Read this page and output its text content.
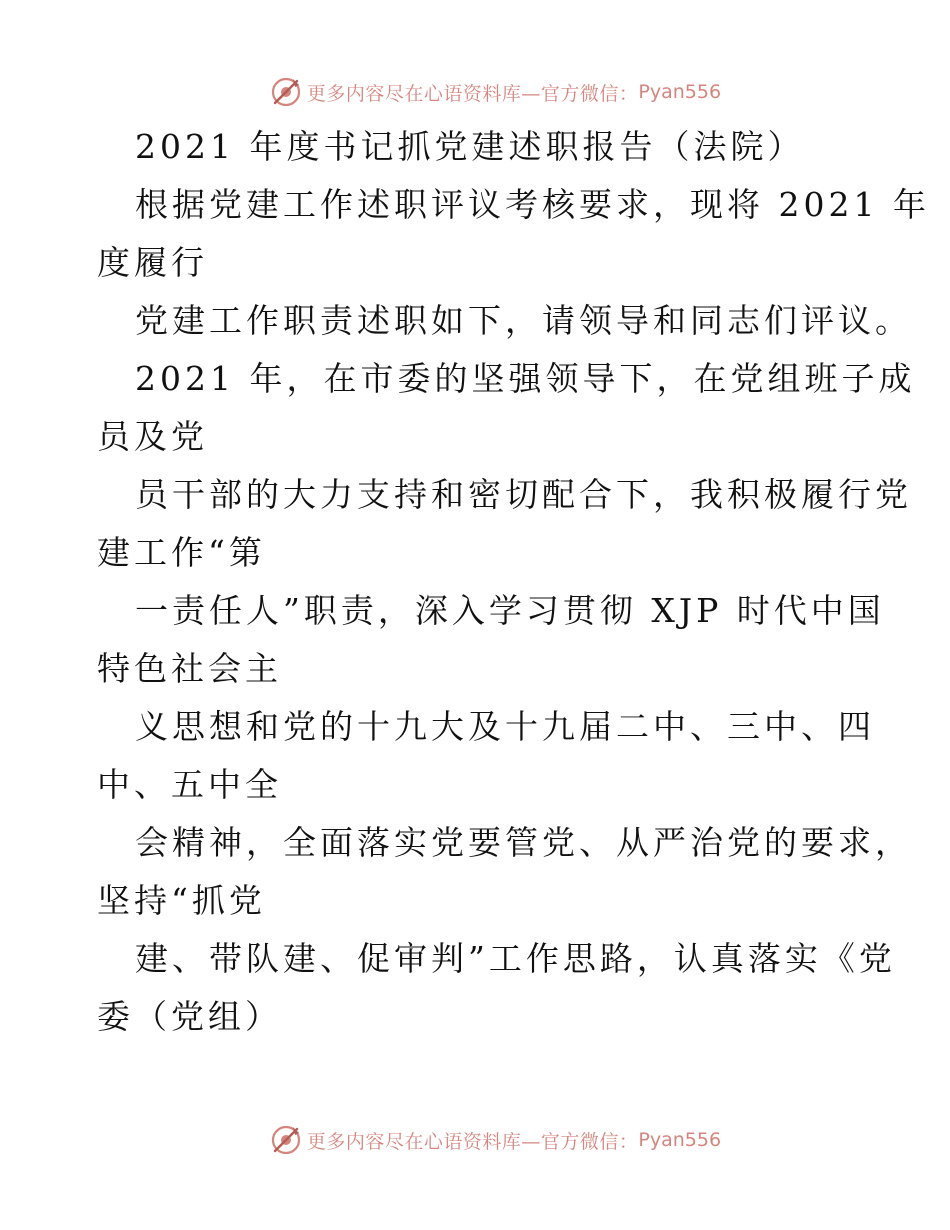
更多内容尽在心语资料库—官方微信： Pyan556
2021 年度书记抓党建述职报告（法院）
根据党建工作述职评议考核要求，现将 2021 年
度履行
党建工作职责述职如下，请领导和同志们评议。
2021 年，在市委的坚强领导下，在党组班子成
员及党
员干部的大力支持和密切配合下，我积极履行党
建工作“第
一责任人”职责，深入学习贯彻 XJP 时代中国
特色社会主
义思想和党的十九大及十九届二中、三中、四
中、五中全
会精神，全面落实党要管党、从严治党的要求，
坚持“抓党
建、带队建、促审判”工作思路，认真落实《党
委（党组）
更多内容尽在心语资料库—官方微信： Pyan556
